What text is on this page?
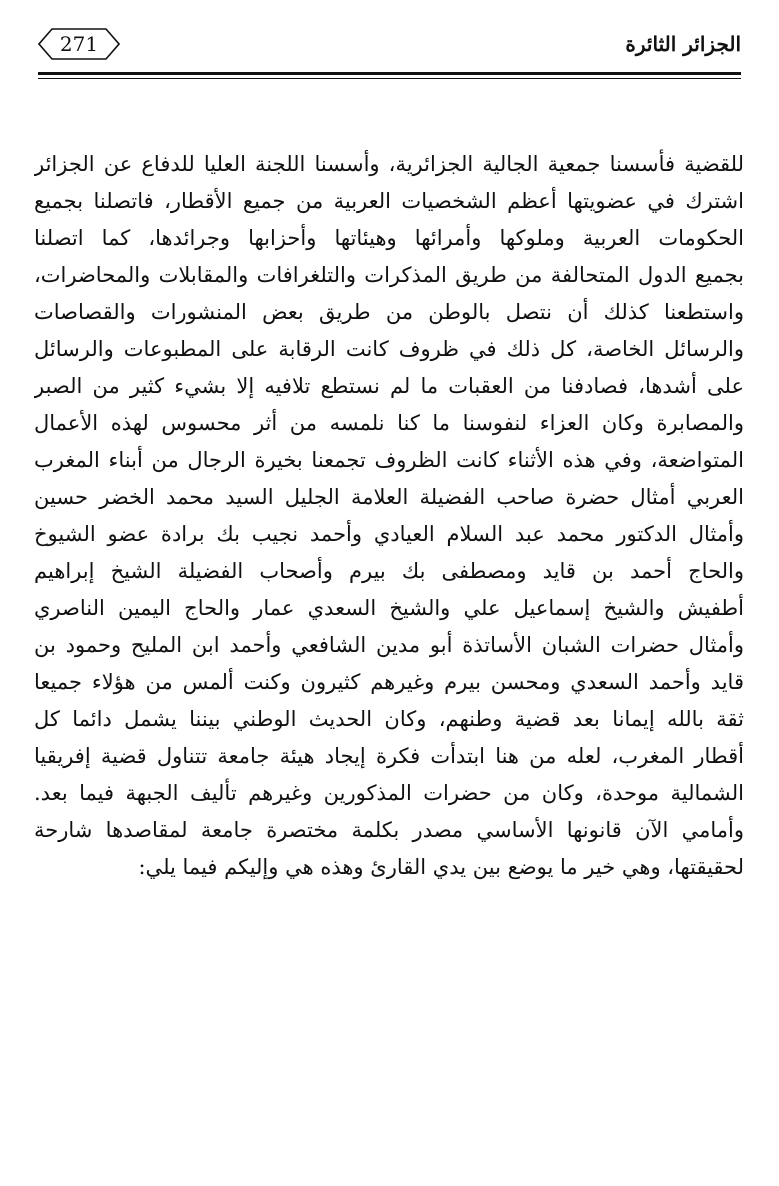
271	الجزائر الثائرة
للقضية فأسسنا جمعية الجالية الجزائرية، وأسسنا اللجنة العليا للدفاع عن الجزائر
اشترك في عضويتها أعظم الشخصيات العربية من جميع الأقطار، فاتصلنا بجميع
الحكومات العربية وملوكها وأمرائها وهيئاتها وأحزابها وجرائدها، كما اتصلنا
بجميع الدول المتحالفة من طريق المذكرات والتلغرافات والمقابلات والمحاضرات،
واستطعنا كذلك أن نتصل بالوطن من طريق بعض المنشورات والقصاصات
والرسائل الخاصة، كل ذلك في ظروف كانت الرقابة على المطبوعات والرسائل
على أشدها، فصادفنا من العقبات ما لم نستطع تلافيه إلا بشيء كثير من الصبر
والمصابرة وكان العزاء لنفوسنا ما كنا نلمسه من أثر محسوس لهذه الأعمال
المتواضعة، وفي هذه الأثناء كانت الظروف تجمعنا بخيرة الرجال من أبناء المغرب
العربي أمثال حضرة صاحب الفضيلة العلامة الجليل السيد محمد الخضر حسين
وأمثال الدكتور محمد عبد السلام العيادي وأحمد نجيب بك برادة عضو الشيوخ
والحاج أحمد بن قايد ومصطفى بك بيرم وأصحاب الفضيلة الشيخ إبراهيم
أطفيش والشيخ إسماعيل علي والشيخ السعدي عمار والحاج اليمين الناصري
وأمثال حضرات الشبان الأساتذة أبو مدين الشافعي وأحمد ابن المليح وحمود بن
قايد وأحمد السعدي ومحسن بيرم وغيرهم كثيرون وكنت ألمس من هؤلاء جميعا
ثقة بالله إيمانا بعد قضية وطنهم، وكان الحديث الوطني بيننا يشمل دائما كل
أقطار المغرب، لعله من هنا ابتدأت فكرة إيجاد هيئة جامعة تتناول قضية إفريقيا
الشمالية موحدة، وكان من حضرات المذكورين وغيرهم تأليف الجبهة فيما بعد.
وأمامي الآن قانونها الأساسي مصدر بكلمة مختصرة جامعة لمقاصدها شارحة
لحقيقتها، وهي خير ما يوضع بين يدي القارئ وهذه هي وإليكم فيما يلي:
